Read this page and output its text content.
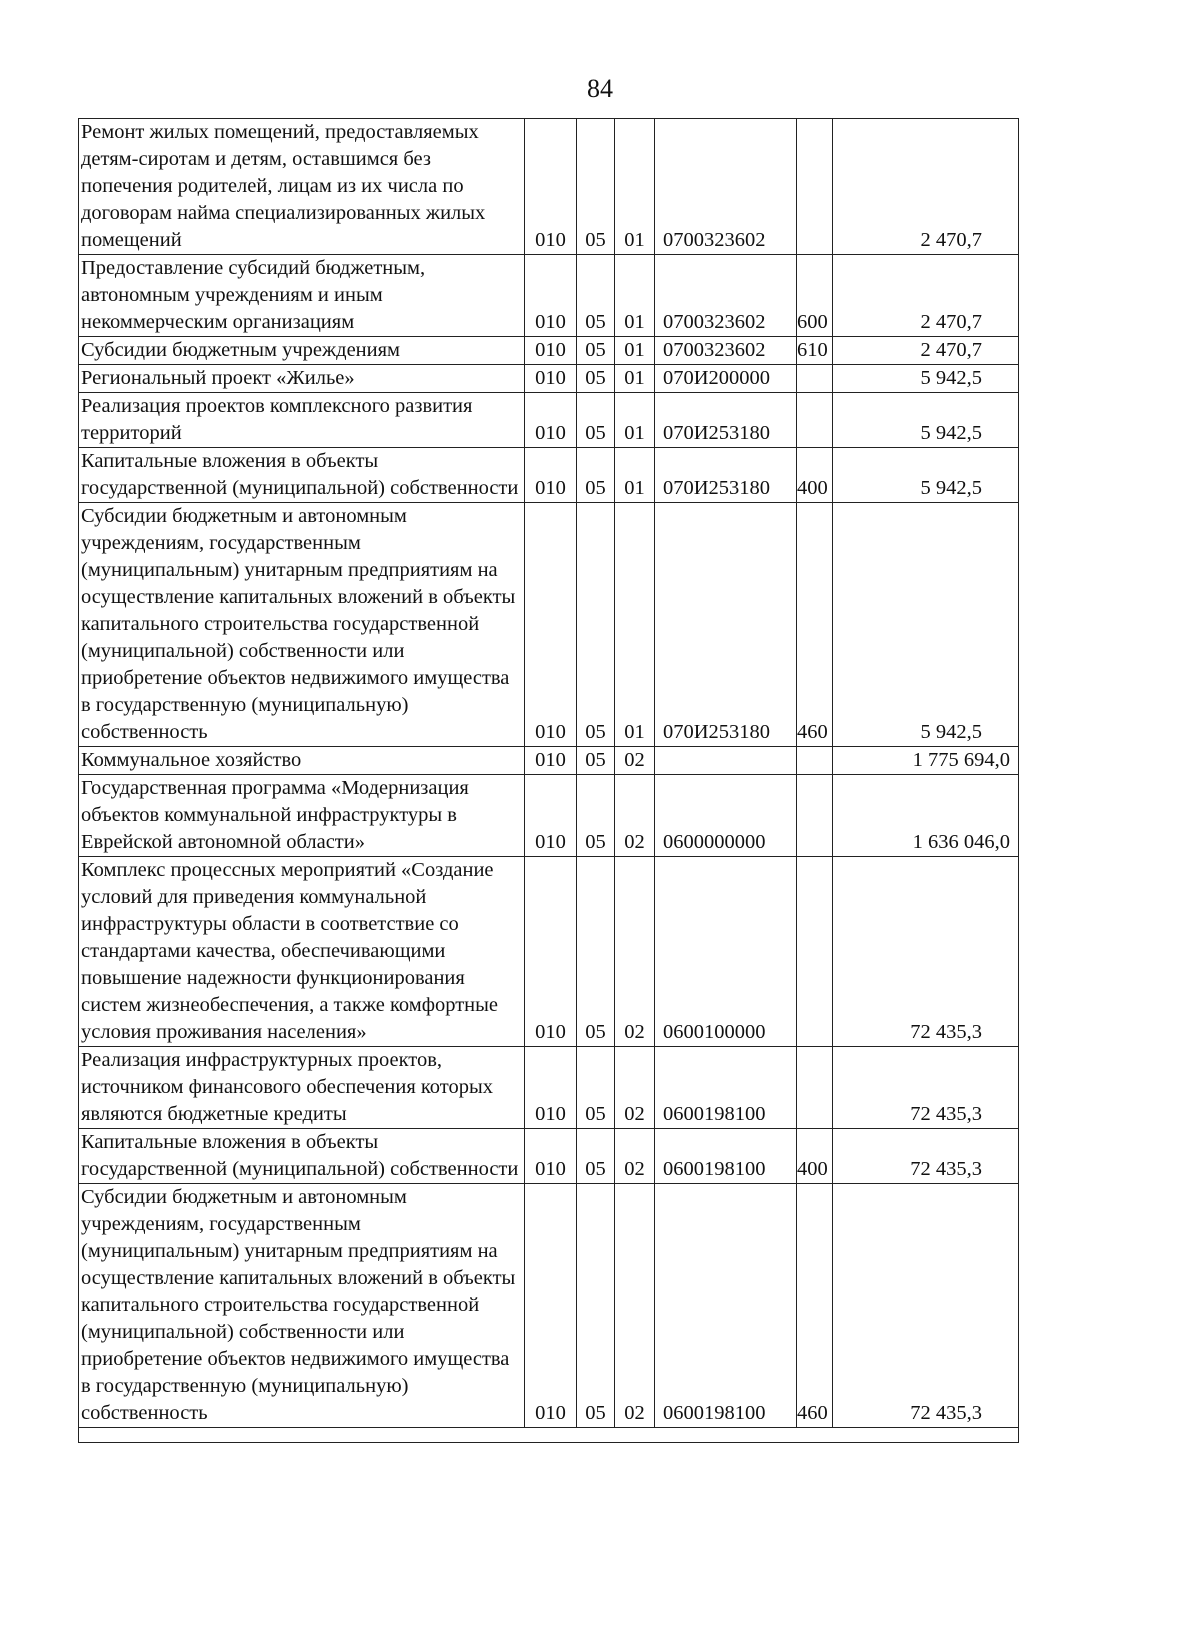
84
Ремонт жилых помещений, предоставляемых детям-сиротам и детям, оставшимся без попечения родителей, лицам из их числа по договорам найма специализированных жилых помещений	010	05	01	0700323602		2 470,7
Предоставление субсидий бюджетным, автономным учреждениям и иным некоммерческим организациям	010	05	01	0700323602	600	2 470,7
Субсидии бюджетным учреждениям	010	05	01	0700323602	610	2 470,7
Региональный проект «Жилье»	010	05	01	070И200000		5 942,5
Реализация проектов комплексного развития территорий	010	05	01	070И253180		5 942,5
Капитальные вложения в объекты государственной (муниципальной) собственности	010	05	01	070И253180	400	5 942,5
Субсидии бюджетным и автономным учреждениям, государственным (муниципальным) унитарным предприятиям на осуществление капитальных вложений в объекты капитального строительства государственной (муниципальной) собственности или приобретение объектов недвижимого имущества в государственную (муниципальную) собственность	010	05	01	070И253180	460	5 942,5
Коммунальное хозяйство	010	05	02			1 775 694,0
Государственная программа «Модернизация объектов коммунальной инфраструктуры в Еврейской автономной области»	010	05	02	0600000000		1 636 046,0
Комплекс процессных мероприятий «Создание условий для приведения коммунальной инфраструктуры области в соответствие со стандартами качества, обеспечивающими повышение надежности функционирования систем жизнеобеспечения, а также комфортные условия проживания населения»	010	05	02	0600100000		72 435,3
Реализация инфраструктурных проектов, источником финансового обеспечения которых являются бюджетные кредиты	010	05	02	0600198100		72 435,3
Капитальные вложения в объекты государственной (муниципальной) собственности	010	05	02	0600198100	400	72 435,3
Субсидии бюджетным и автономным учреждениям, государственным (муниципальным) унитарным предприятиям на осуществление капитальных вложений в объекты капитального строительства государственной (муниципальной) собственности или приобретение объектов недвижимого имущества в государственную (муниципальную) собственность	010	05	02	0600198100	460	72 435,3
